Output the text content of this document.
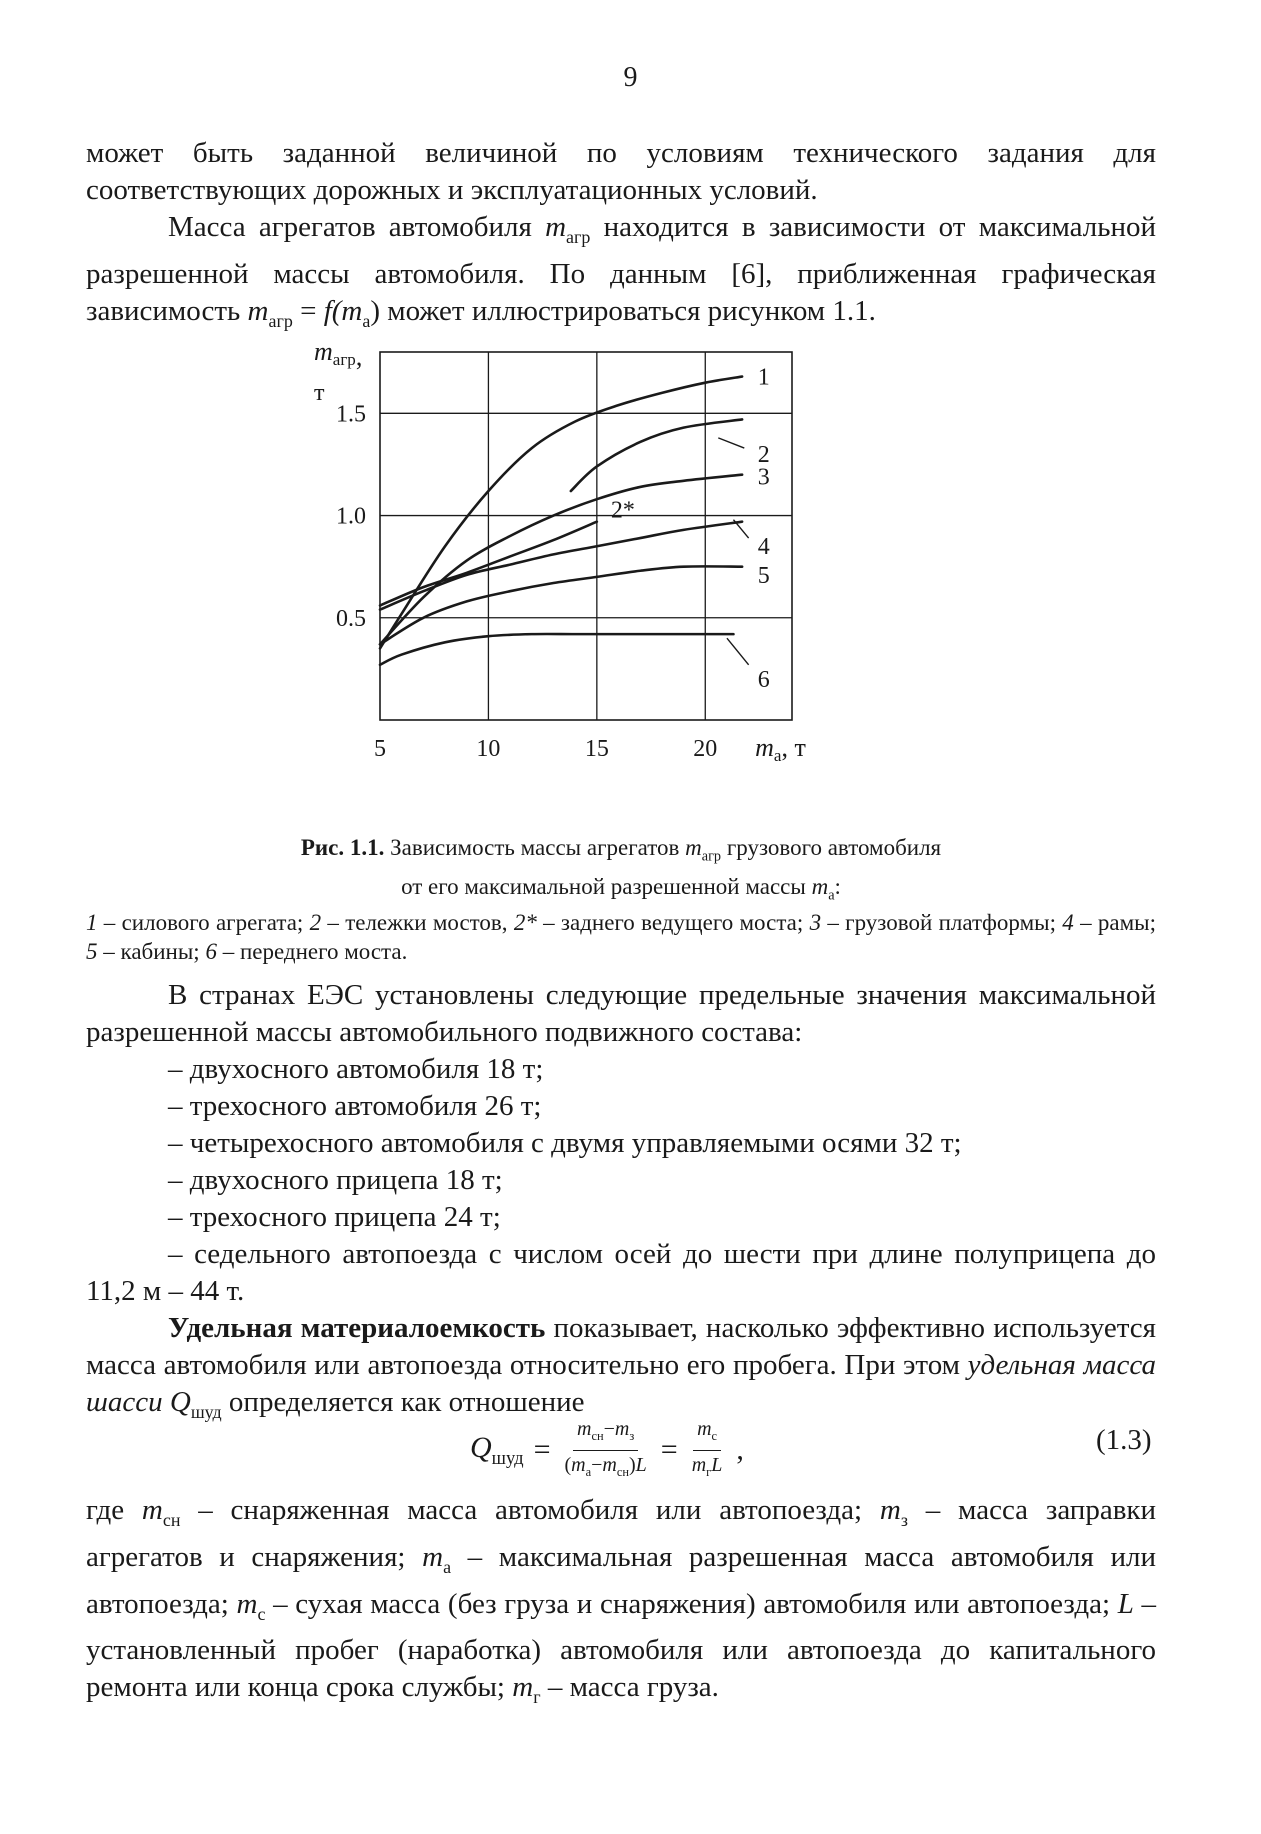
9

может быть заданной величиной по условиям технического задания для соответствующих дорожных и эксплуатационных условий.

Масса агрегатов автомобиля $m_{агр}$ находится в зависимости от максимальной разрешенной массы автомобиля. По данным [6], приближенная графическая зависимость $m_{агр} = f(m_a)$ может иллюстрироваться рисунком 1.1.

5	10	15	20
0.5
1.0
1.5
mагр,
т
ma, т
1
2
3
2*
4
5
6

Рис. 1.1. Зависимость массы агрегатов $m_{агр}$ грузового автомобиля
от его максимальной разрешенной массы $m_a$:

1 – силового агрегата; 2 – тележки мостов, 2* – заднего ведущего моста; 3 – грузовой платформы; 4 – рамы; 5 – кабины; 6 – переднего моста.

В странах ЕЭС установлены следующие предельные значения максимальной разрешенной массы автомобильного подвижного состава:

– двухосного автомобиля 18 т;

– трехосного автомобиля 26 т;

– четырехосного автомобиля с двумя управляемыми осями 32 т;

– двухосного прицепа 18 т;

– трехосного прицепа 24 т;

– седельного автопоезда с числом осей до шести при длине полуприцепа до 11,2 м – 44 т.

Удельная материалоемкость показывает, насколько эффективно используется масса автомобиля или автопоезда относительно его пробега. При этом удельная масса шасси $Q_{шуд}$ определяется как отношение

$Q_{шуд} = \frac{m_{сн}-m_з}{(m_a-m_{сн})L} = \frac{m_c}{m_гL}$ ,	(1.3)

где $m_{сн}$ – снаряженная масса автомобиля или автопоезда; $m_з$ – масса заправки агрегатов и снаряжения; $m_a$ – максимальная разрешенная масса автомобиля или автопоезда; $m_c$ – сухая масса (без груза и снаряжения) автомобиля или автопоезда; L – установленный пробег (наработка) автомобиля или автопоезда до капитального ремонта или конца срока службы; $m_г$ – масса груза.
